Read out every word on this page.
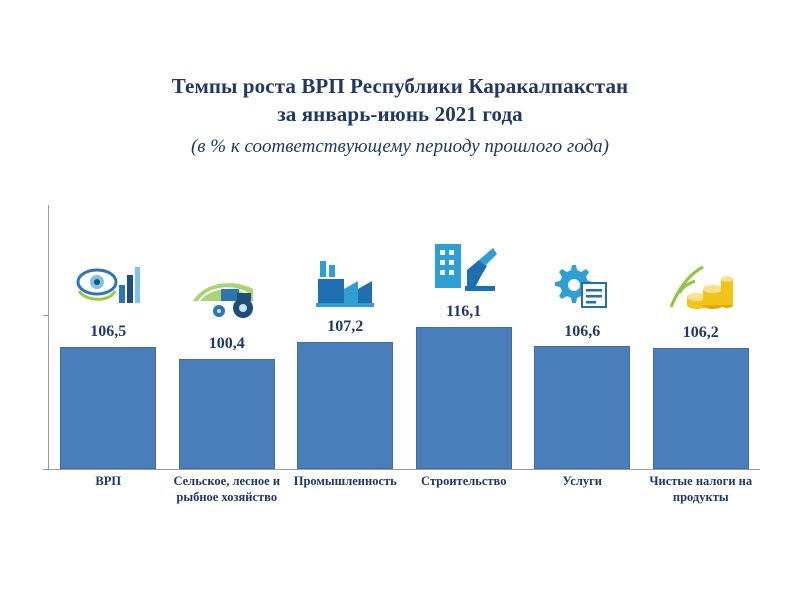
Темпы роста ВРП Республики Каракалпакстан
за январь-июнь 2021 года
(в % к соответствующему периоду прошлого года)
106,5
100,4
107,2
116,1
106,6	106,2
ВРП	Сельское, лесное и рыбное хозяйство
Промышленность	Строительство	Услуги	Чистые налоги на продукты
